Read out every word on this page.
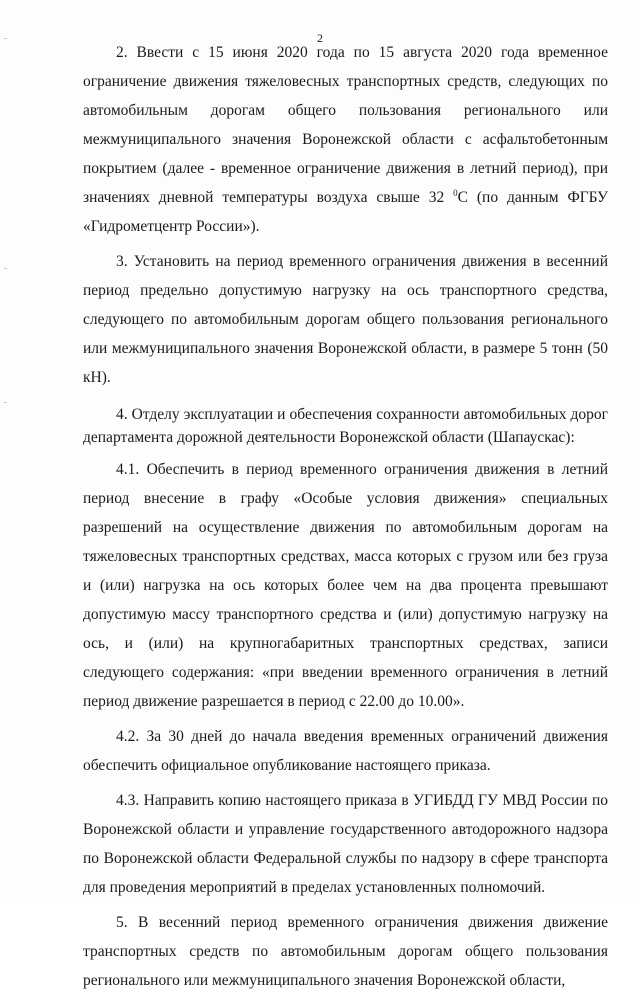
2

2. Ввести с 15 июня 2020 года по 15 августа 2020 года временное ограничение движения тяжеловесных транспортных средств, следующих по автомобильным дорогам общего пользования регионального или межмуниципального значения Воронежской области с асфальтобетонным покрытием (далее - временное ограничение движения в летний период), при значениях дневной температуры воздуха свыше 32 $^0$С (по данным ФГБУ «Гидрометцентр России»).

3. Установить на период временного ограничения движения в весенний период предельно допустимую нагрузку на ось транспортного средства, следующего по автомобильным дорогам общего пользования регионального или межмуниципального значения Воронежской области, в размере 5 тонн (50 кН).

4. Отделу эксплуатации и обеспечения сохранности автомобильных дорог департамента дорожной деятельности Воронежской области (Шапаускас):

4.1. Обеспечить в период временного ограничения движения в летний период внесение в графу «Особые условия движения» специальных разрешений на осуществление движения по автомобильным дорогам на тяжеловесных транспортных средствах, масса которых с грузом или без груза и (или) нагрузка на ось которых более чем на два процента превышают допустимую массу транспортного средства и (или) допустимую нагрузку на ось, и (или) на крупногабаритных транспортных средствах, записи следующего содержания: «при введении временного ограничения в летний период движение разрешается в период с 22.00 до 10.00».

4.2. За 30 дней до начала введения временных ограничений движения обеспечить официальное опубликование настоящего приказа.

4.3. Направить копию настоящего приказа в УГИБДД ГУ МВД России по Воронежской области и управление государственного автодорожного надзора по Воронежской области Федеральной службы по надзору в сфере транспорта для проведения мероприятий в пределах установленных полномочий.

5. В весенний период временного ограничения движения движение транспортных средств по автомобильным дорогам общего пользования регионального или межмуниципального значения Воронежской области,
